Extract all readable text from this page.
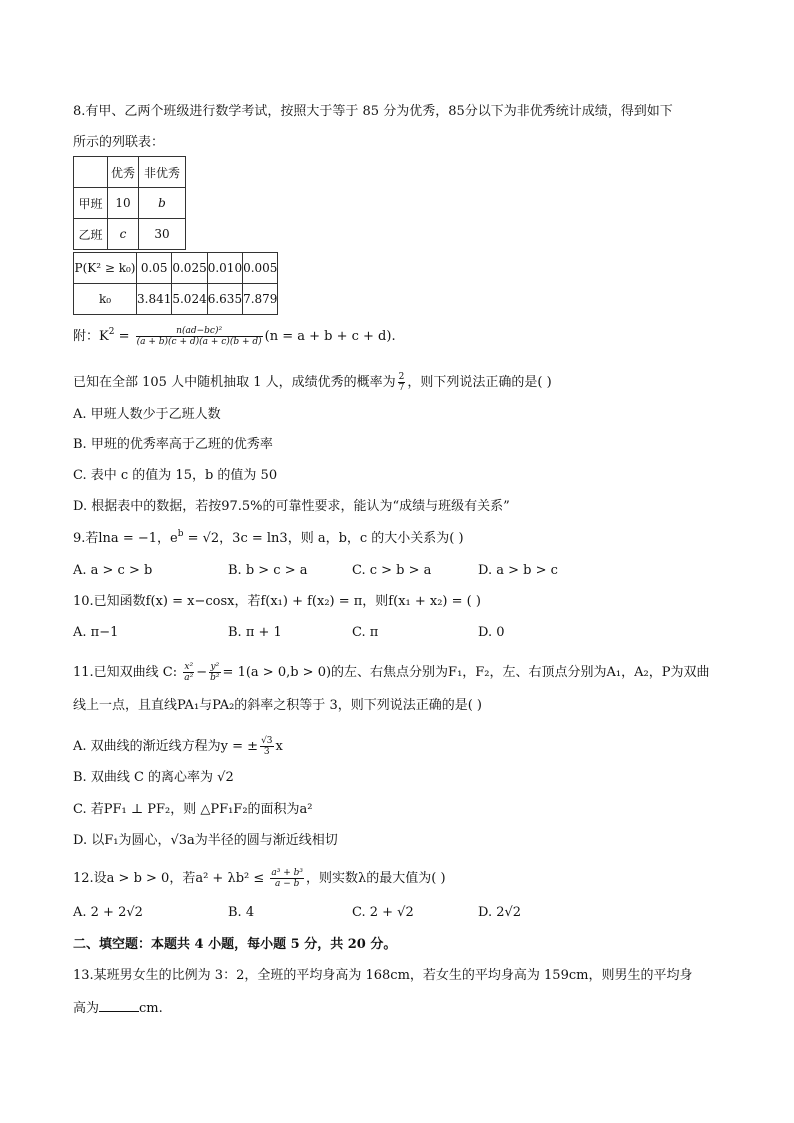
8.有甲、乙两个班级进行数学考试，按照大于等于 85 分为优秀，85分以下为非优秀统计成绩，得到如下
所示的列联表：
	优秀	非优秀
甲班	10	b
乙班	c	30
P(K² ≥ k₀)	0.05	0.025	0.010	0.005
k₀	3.841	5.024	6.635	7.879
附：$K^2 = \frac{\text{n(ad−bc)²}}{(a + b)(c + d)(a + c)(b + d)} (n = a + b + c + d)$.
已知在全部 105 人中随机抽取 1 人，成绩优秀的概率为 $\frac{2}{7}$ ，则下列说法正确的是( )
A. 甲班人数少于乙班人数
B. 甲班的优秀率高于乙班的优秀率
C. 表中 c 的值为 15，b 的值为 50
D. 根据表中的数据，若按97.5%的可靠性要求，能认为“成绩与班级有关系”
9.若lna = −1，$e^b = √2$，3c = ln3，则 a，b，c 的大小关系为( )
A. a > c > b	B. b > c > a	C. c > b > a	D. a > b > c
10.已知函数f(x) = x−cosx，若f(x₁) + f(x₂) = π，则f(x₁ + x₂) = ( )
A. π−1	B. π + 1	C. π	D. 0
11.已知双曲线 C: $\frac{\text{x²}}{\text{a²}} - \frac{\text{y²}}{\text{b²}} = 1(a > 0,b > 0)$的左、右焦点分别为F₁，F₂，左、右顶点分别为A₁，A₂，P为双曲
线上一点，且直线PA₁与PA₂的斜率之积等于 3，则下列说法正确的是( )
A. 双曲线的渐近线方程为y = ± $\frac{√3}{3}$ x
B. 双曲线 C 的离心率为 √2
C. 若PF₁ ⊥ PF₂，则 △PF₁F₂的面积为a²
D. 以F₁为圆心，√3a为半径的圆与渐近线相切
12.设a > b > 0，若$a^2 + \lambda b^2 \le \frac{\text{a³ + b³}}{a - b}$ ，则实数λ的最大值为( )
A. 2 + 2√2	B. 4	C. 2 + √2	D. 2√2
二、填空题：本题共 4 小题，每小题 5 分，共 20 分。
13.某班男女生的比例为 3：2，全班的平均身高为 168cm，若女生的平均身高为 159cm，则男生的平均身
高为	cm.
